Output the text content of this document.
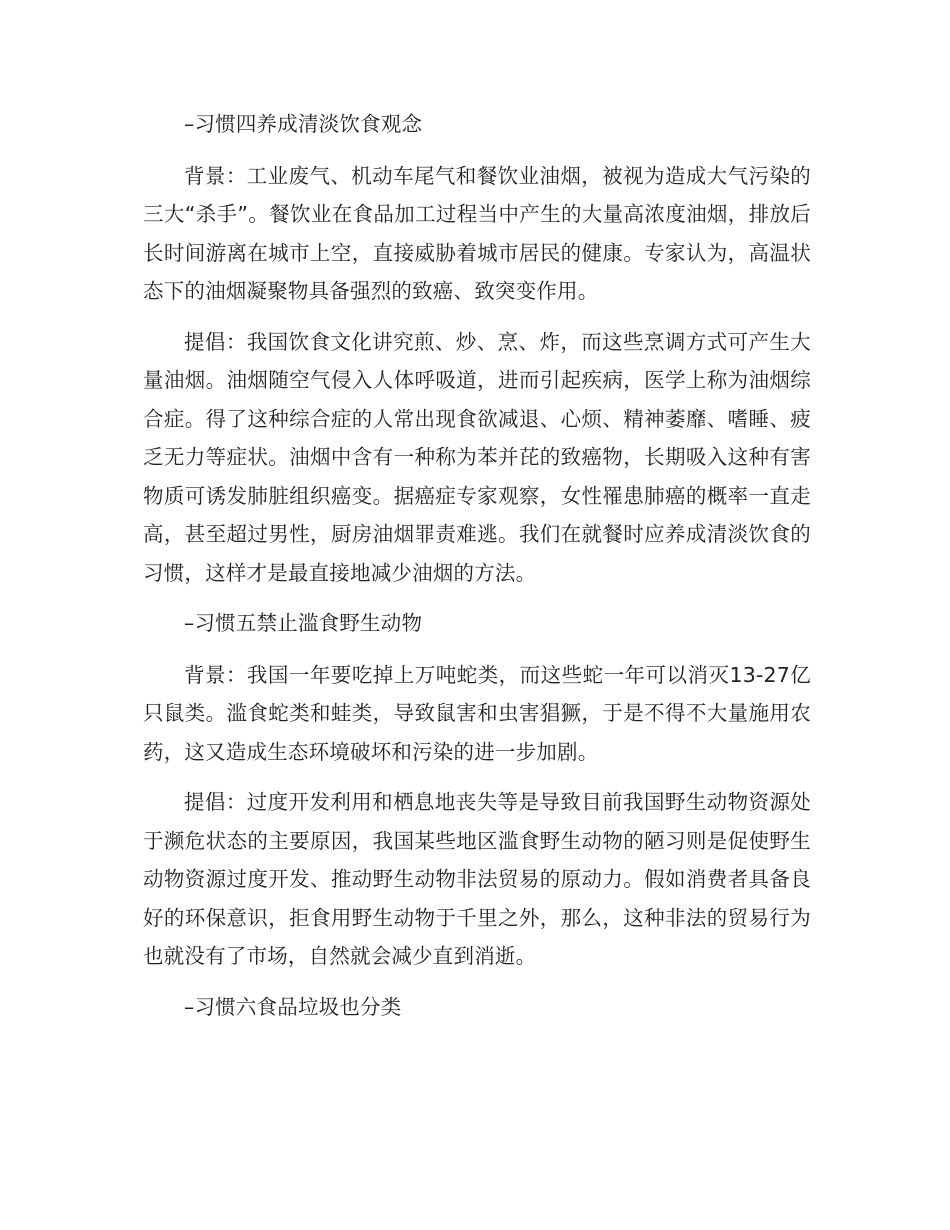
–习惯四养成清淡饮食观念

背景：工业废气、机动车尾气和餐饮业油烟，被视为造成大气污染的三大“杀手”。餐饮业在食品加工过程当中产生的大量高浓度油烟，排放后长时间游离在城市上空，直接威胁着城市居民的健康。专家认为，高温状态下的油烟凝聚物具备强烈的致癌、致突变作用。

提倡：我国饮食文化讲究煎、炒、烹、炸，而这些烹调方式可产生大量油烟。油烟随空气侵入人体呼吸道，进而引起疾病，医学上称为油烟综合症。得了这种综合症的人常出现食欲减退、心烦、精神萎靡、嗜睡、疲乏无力等症状。油烟中含有一种称为苯并芘的致癌物，长期吸入这种有害物质可诱发肺脏组织癌变。据癌症专家观察，女性罹患肺癌的概率一直走高，甚至超过男性，厨房油烟罪责难逃。我们在就餐时应养成清淡饮食的习惯，这样才是最直接地减少油烟的方法。

–习惯五禁止滥食野生动物

背景：我国一年要吃掉上万吨蛇类，而这些蛇一年可以消灭13-27亿只鼠类。滥食蛇类和蛙类，导致鼠害和虫害猖獗，于是不得不大量施用农药，这又造成生态环境破坏和污染的进一步加剧。

提倡：过度开发利用和栖息地丧失等是导致目前我国野生动物资源处于濒危状态的主要原因，我国某些地区滥食野生动物的陋习则是促使野生动物资源过度开发、推动野生动物非法贸易的原动力。假如消费者具备良好的环保意识，拒食用野生动物于千里之外，那么，这种非法的贸易行为也就没有了市场，自然就会减少直到消逝。

–习惯六食品垃圾也分类
